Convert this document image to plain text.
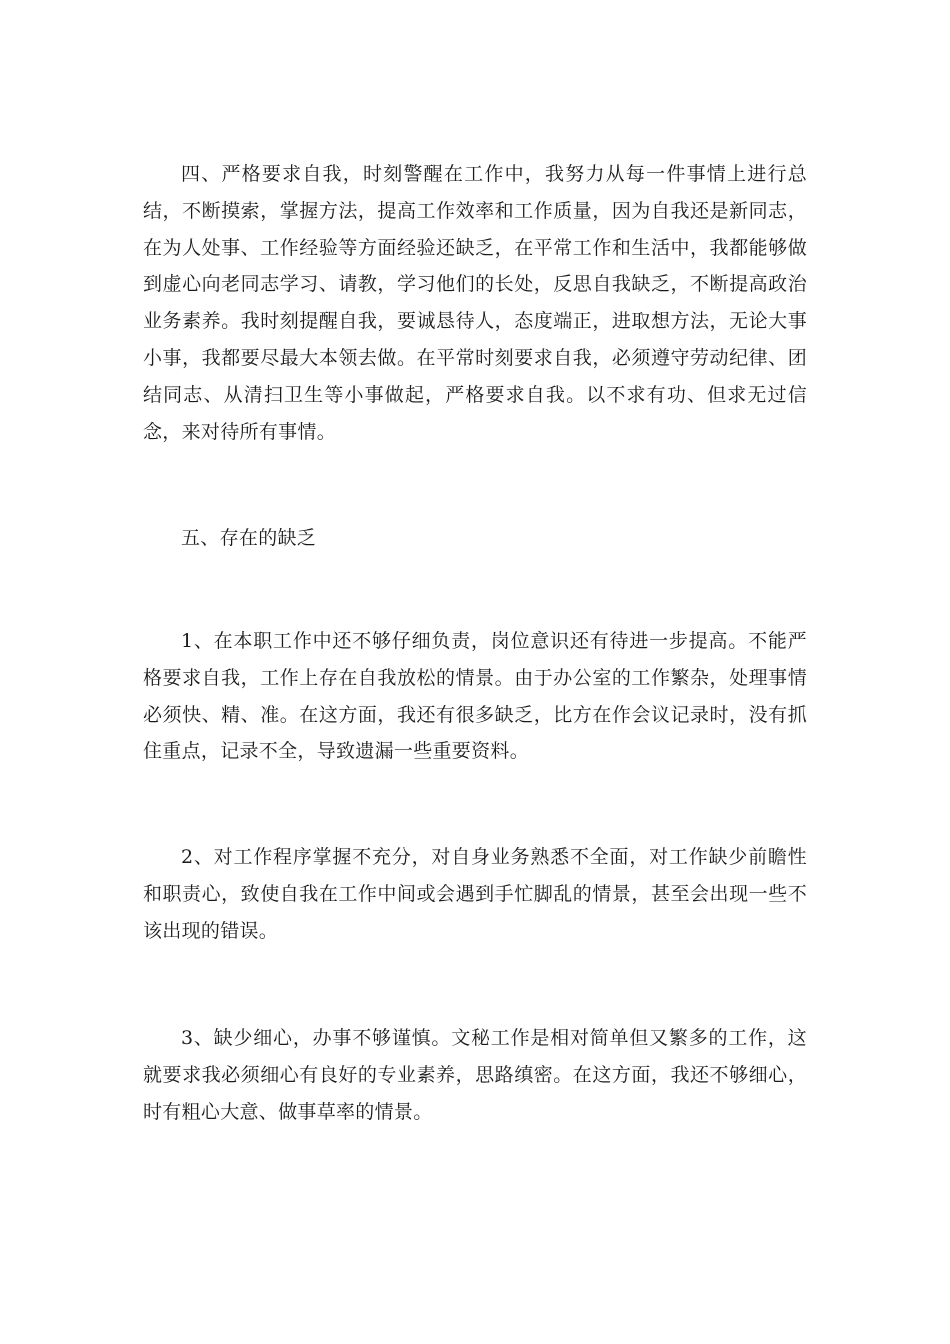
四、严格要求自我，时刻警醒在工作中，我努力从每一件事情上进行总结，不断摸索，掌握方法，提高工作效率和工作质量，因为自我还是新同志，在为人处事、工作经验等方面经验还缺乏，在平常工作和生活中，我都能够做到虚心向老同志学习、请教，学习他们的长处，反思自我缺乏，不断提高政治业务素养。我时刻提醒自我，要诚恳待人，态度端正，进取想方法，无论大事小事，我都要尽最大本领去做。在平常时刻要求自我，必须遵守劳动纪律、团结同志、从清扫卫生等小事做起，严格要求自我。以不求有功、但求无过信念，来对待所有事情。

五、存在的缺乏

1、在本职工作中还不够仔细负责，岗位意识还有待进一步提高。不能严格要求自我，工作上存在自我放松的情景。由于办公室的工作繁杂，处理事情必须快、精、准。在这方面，我还有很多缺乏，比方在作会议记录时，没有抓住重点，记录不全，导致遗漏一些重要资料。

2、对工作程序掌握不充分，对自身业务熟悉不全面，对工作缺少前瞻性和职责心，致使自我在工作中间或会遇到手忙脚乱的情景，甚至会出现一些不该出现的错误。

3、缺少细心，办事不够谨慎。文秘工作是相对简单但又繁多的工作，这就要求我必须细心有良好的专业素养，思路缜密。在这方面，我还不够细心，时有粗心大意、做事草率的情景。
